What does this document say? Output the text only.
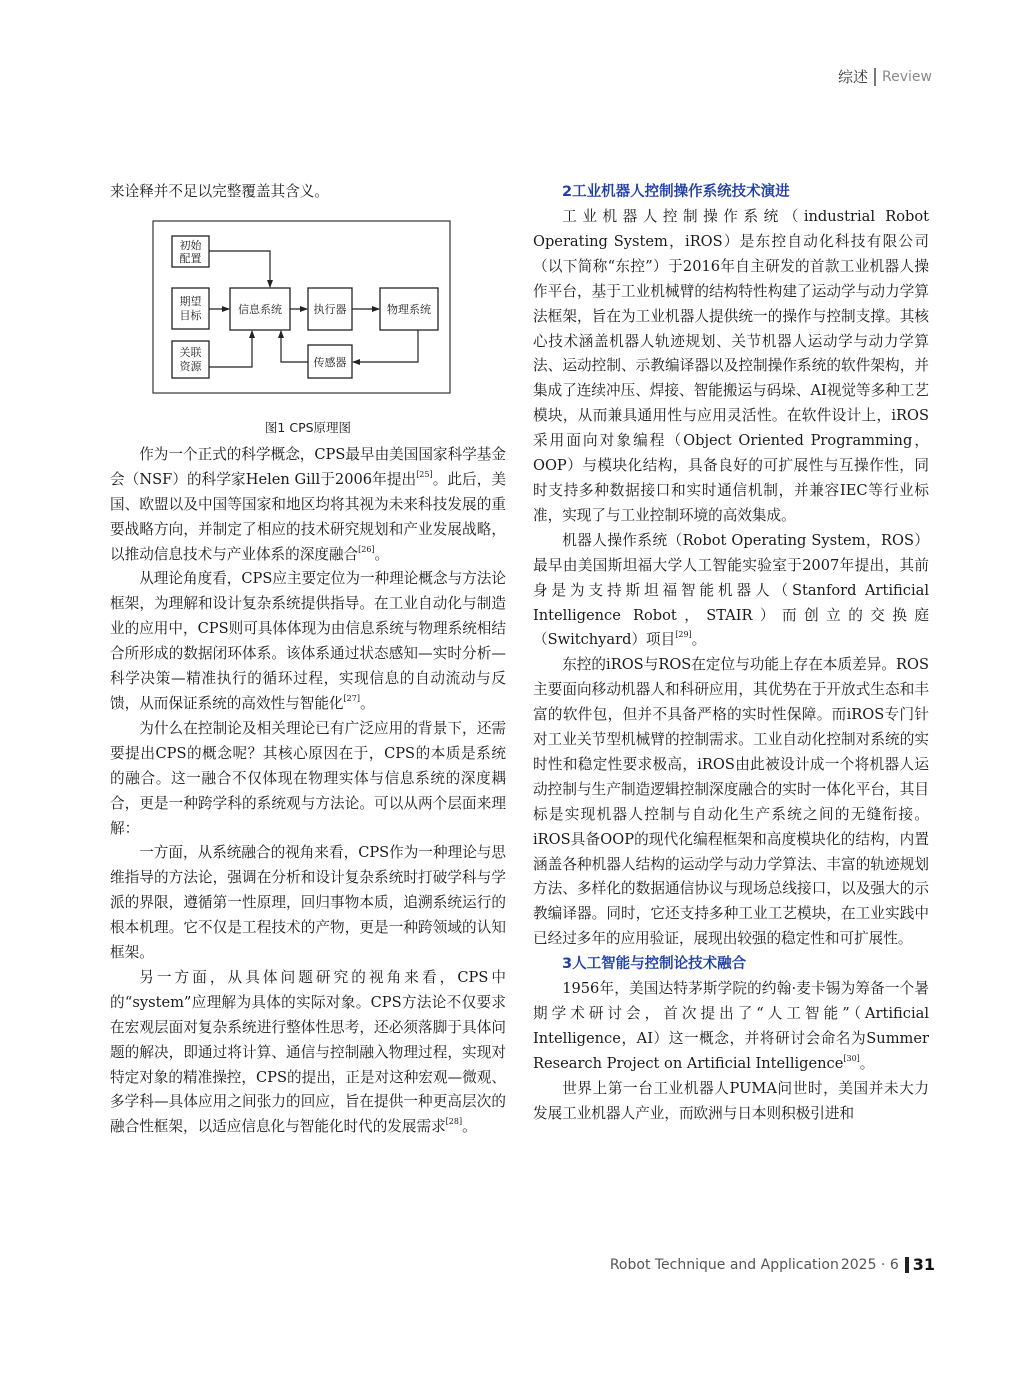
综述 Review

来诠释并不足以完整覆盖其含义。

初始
配置
期望
目标
关联
资源
信息系统	执行器	物理系统
传感器
图1 CPS原理图

作为一个正式的科学概念，CPS最早由美国国家科学基金会（NSF）的科学家Helen Gill于2006年提出[25]。此后，美国、欧盟以及中国等国家和地区均将其视为未来科技发展的重要战略方向，并制定了相应的技术研究规划和产业发展战略，以推动信息技术与产业体系的深度融合[26]。

从理论角度看，CPS应主要定位为一种理论概念与方法论框架，为理解和设计复杂系统提供指导。在工业自动化与制造业的应用中，CPS则可具体体现为由信息系统与物理系统相结合所形成的数据闭环体系。该体系通过状态感知—实时分析—科学决策—精准执行的循环过程，实现信息的自动流动与反馈，从而保证系统的高效性与智能化[27]。

为什么在控制论及相关理论已有广泛应用的背景下，还需要提出CPS的概念呢？其核心原因在于，CPS的本质是系统的融合。这一融合不仅体现在物理实体与信息系统的深度耦合，更是一种跨学科的系统观与方法论。可以从两个层面来理解：

一方面，从系统融合的视角来看，CPS作为一种理论与思维指导的方法论，强调在分析和设计复杂系统时打破学科与学派的界限，遵循第一性原理，回归事物本质，追溯系统运行的根本机理。它不仅是工程技术的产物，更是一种跨领域的认知框架。

另一方面，从具体问题研究的视角来看，CPS中的“system”应理解为具体的实际对象。CPS方法论不仅要求在宏观层面对复杂系统进行整体性思考，还必须落脚于具体问题的解决，即通过将计算、通信与控制融入物理过程，实现对特定对象的精准操控，CPS的提出，正是对这种宏观—微观、多学科—具体应用之间张力的回应，旨在提供一种更高层次的融合性框架，以适应信息化与智能化时代的发展需求[28]。

2工业机器人控制操作系统技术演进

工业机器人控制操作系统（industrial Robot Operating System，iROS）是东控自动化科技有限公司（以下简称“东控”）于2016年自主研发的首款工业机器人操作平台，基于工业机械臂的结构特性构建了运动学与动力学算法框架，旨在为工业机器人提供统一的操作与控制支撑。其核心技术涵盖机器人轨迹规划、关节机器人运动学与动力学算法、运动控制、示教编译器以及控制操作系统的软件架构，并集成了连续冲压、焊接、智能搬运与码垛、AI视觉等多种工艺模块，从而兼具通用性与应用灵活性。在软件设计上，iROS采用面向对象编程（Object Oriented Programming，OOP）与模块化结构，具备良好的可扩展性与互操作性，同时支持多种数据接口和实时通信机制，并兼容IEC等行业标准，实现了与工业控制环境的高效集成。

机器人操作系统（Robot Operating System，ROS）最早由美国斯坦福大学人工智能实验室于2007年提出，其前身是为支持斯坦福智能机器人（Stanford Artificial Intelligence Robot，STAIR）而创立的交换庭（Switchyard）项目[29]。

东控的iROS与ROS在定位与功能上存在本质差异。ROS主要面向移动机器人和科研应用，其优势在于开放式生态和丰富的软件包，但并不具备严格的实时性保障。而iROS专门针对工业关节型机械臂的控制需求。工业自动化控制对系统的实时性和稳定性要求极高，iROS由此被设计成一个将机器人运动控制与生产制造逻辑控制深度融合的实时一体化平台，其目标是实现机器人控制与自动化生产系统之间的无缝衔接。iROS具备OOP的现代化编程框架和高度模块化的结构，内置涵盖各种机器人结构的运动学与动力学算法、丰富的轨迹规划方法、多样化的数据通信协议与现场总线接口，以及强大的示教编译器。同时，它还支持多种工业工艺模块，在工业实践中已经过多年的应用验证，展现出较强的稳定性和可扩展性。

3人工智能与控制论技术融合

1956年，美国达特茅斯学院的约翰·麦卡锡为筹备一个暑期学术研讨会，首次提出了“人工智能”（Artificial Intelligence，AI）这一概念，并将研讨会命名为Summer Research Project on Artificial Intelligence[30]。

世界上第一台工业机器人PUMA问世时，美国并未大力发展工业机器人产业，而欧洲与日本则积极引进和

Robot Technique and Application 2025 · 6 31
